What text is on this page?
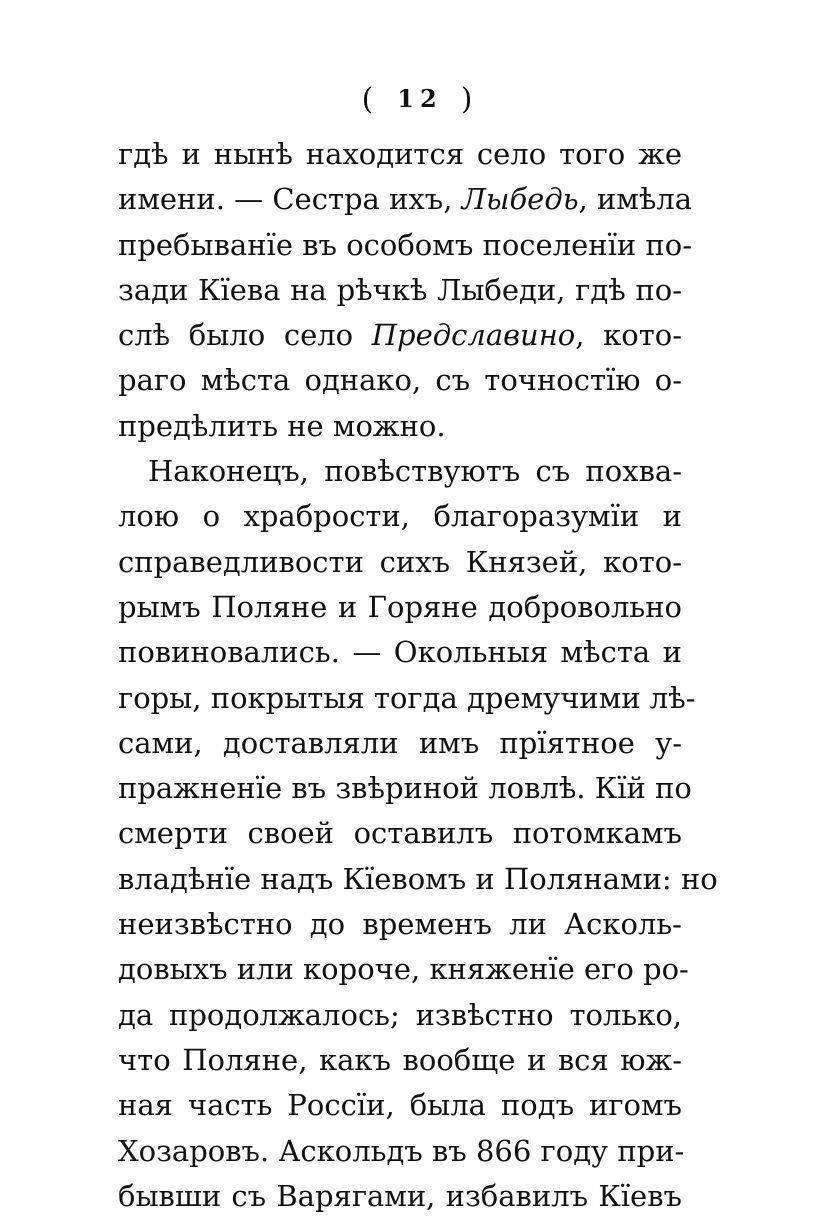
( 12 )
гдѣ и нынѣ находится село того же
имени. — Сестра ихъ, Лыбедь, имѣла
пребыванïе въ особомъ поселенïи по-
зади Кïева на рѣчкѣ Лыбеди, гдѣ по-
слѣ было село Предславино, кото-
раго мѣста однако, съ точностïю о-
предѣлить не можно.
Наконецъ, повѣствуютъ съ похва-
лою о храбрости, благоразумïи и
справедливости сихъ Князей, кото-
рымъ Поляне и Горяне добровольно
повиновались. — Окольныя мѣста и
горы, покрытыя тогда дремучими лѣ-
сами, доставляли имъ прïятное у-
пражненïе въ звѣриной ловлѣ. Кïй по
смерти своей оставилъ потомкамъ
владѣнïе надъ Кïевомъ и Полянами: но
неизвѣстно до временъ ли Асколь-
довыхъ или короче, княженïе его ро-
да продолжалось; извѣстно только,
что Поляне, какъ вообще и вся юж-
ная часть Россïи, была подъ игомъ
Хозаровъ. Аскольдъ въ 866 году при-
бывши съ Варягами, избавилъ Кïевъ
